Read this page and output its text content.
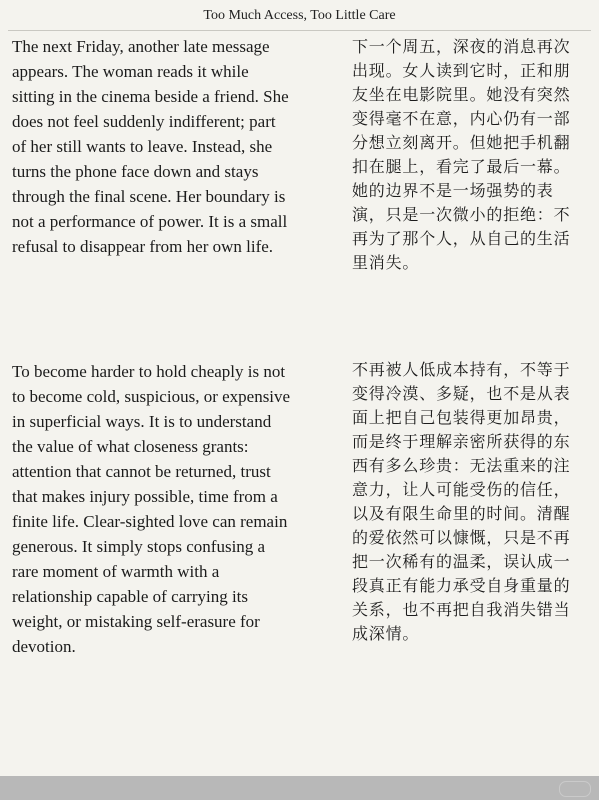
Too Much Access, Too Little Care

The next Friday, another late message
appears. The woman reads it while
sitting in the cinema beside a friend. She
does not feel suddenly indifferent; part
of her still wants to leave. Instead, she
turns the phone face down and stays
through the final scene. Her boundary is
not a performance of power. It is a small
refusal to disappear from her own life.

下一个周五，深夜的消息再次
出现。女人读到它时，正和朋
友坐在电影院里。她没有突然
变得毫不在意，内心仍有一部
分想立刻离开。但她把手机翻
扣在腿上，看完了最后一幕。
她的边界不是一场强势的表
演，只是一次微小的拒绝：不
再为了那个人，从自己的生活
里消失。

To become harder to hold cheaply is not
to become cold, suspicious, or expensive
in superficial ways. It is to understand
the value of what closeness grants:
attention that cannot be returned, trust
that makes injury possible, time from a
finite life. Clear-sighted love can remain
generous. It simply stops confusing a
rare moment of warmth with a
relationship capable of carrying its
weight, or mistaking self-erasure for
devotion.

不再被人低成本持有，不等于
变得冷漠、多疑，也不是从表
面上把自己包装得更加昂贵，
而是终于理解亲密所获得的东
西有多么珍贵：无法重来的注
意力，让人可能受伤的信任，
以及有限生命里的时间。清醒
的爱依然可以慷慨，只是不再
把一次稀有的温柔，误认成一
段真正有能力承受自身重量的
关系，也不再把自我消失错当
成深情。
